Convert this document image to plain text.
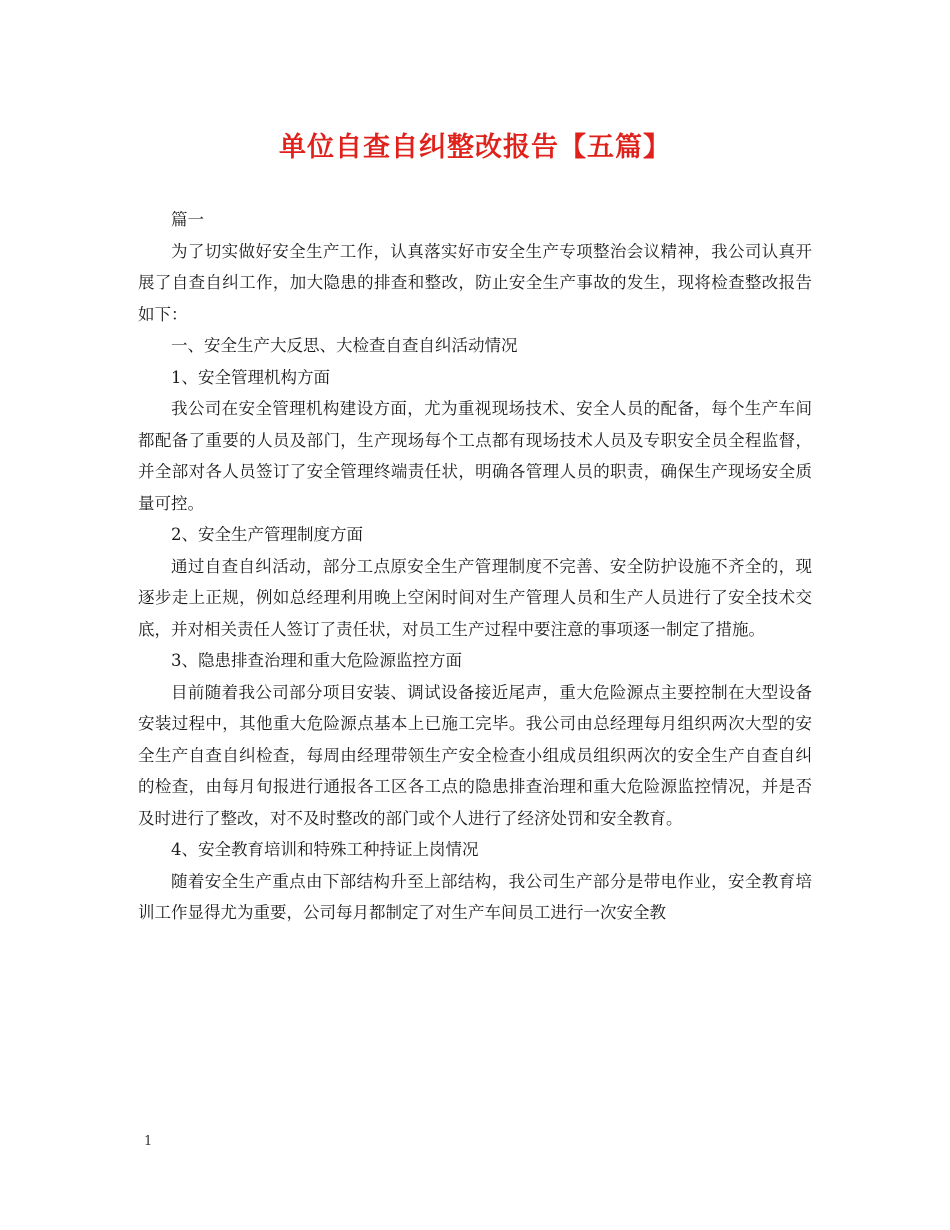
单位自查自纠整改报告【五篇】

篇一

为了切实做好安全生产工作，认真落实好市安全生产专项整治会议精神，我公司认真开展了自查自纠工作，加大隐患的排查和整改，防止安全生产事故的发生，现将检查整改报告如下：

一、安全生产大反思、大检查自查自纠活动情况

1、安全管理机构方面

我公司在安全管理机构建设方面，尤为重视现场技术、安全人员的配备，每个生产车间都配备了重要的人员及部门，生产现场每个工点都有现场技术人员及专职安全员全程监督，并全部对各人员签订了安全管理终端责任状，明确各管理人员的职责，确保生产现场安全质量可控。

2、安全生产管理制度方面

通过自查自纠活动，部分工点原安全生产管理制度不完善、安全防护设施不齐全的，现逐步走上正规，例如总经理利用晚上空闲时间对生产管理人员和生产人员进行了安全技术交底，并对相关责任人签订了责任状，对员工生产过程中要注意的事项逐一制定了措施。

3、隐患排查治理和重大危险源监控方面

目前随着我公司部分项目安装、调试设备接近尾声，重大危险源点主要控制在大型设备安装过程中，其他重大危险源点基本上已施工完毕。我公司由总经理每月组织两次大型的安全生产自查自纠检查，每周由经理带领生产安全检查小组成员组织两次的安全生产自查自纠的检查，由每月旬报进行通报各工区各工点的隐患排查治理和重大危险源监控情况，并是否及时进行了整改，对不及时整改的部门或个人进行了经济处罚和安全教育。

4、安全教育培训和特殊工种持证上岗情况

随着安全生产重点由下部结构升至上部结构，我公司生产部分是带电作业，安全教育培训工作显得尤为重要，公司每月都制定了对生产车间员工进行一次安全教

1
